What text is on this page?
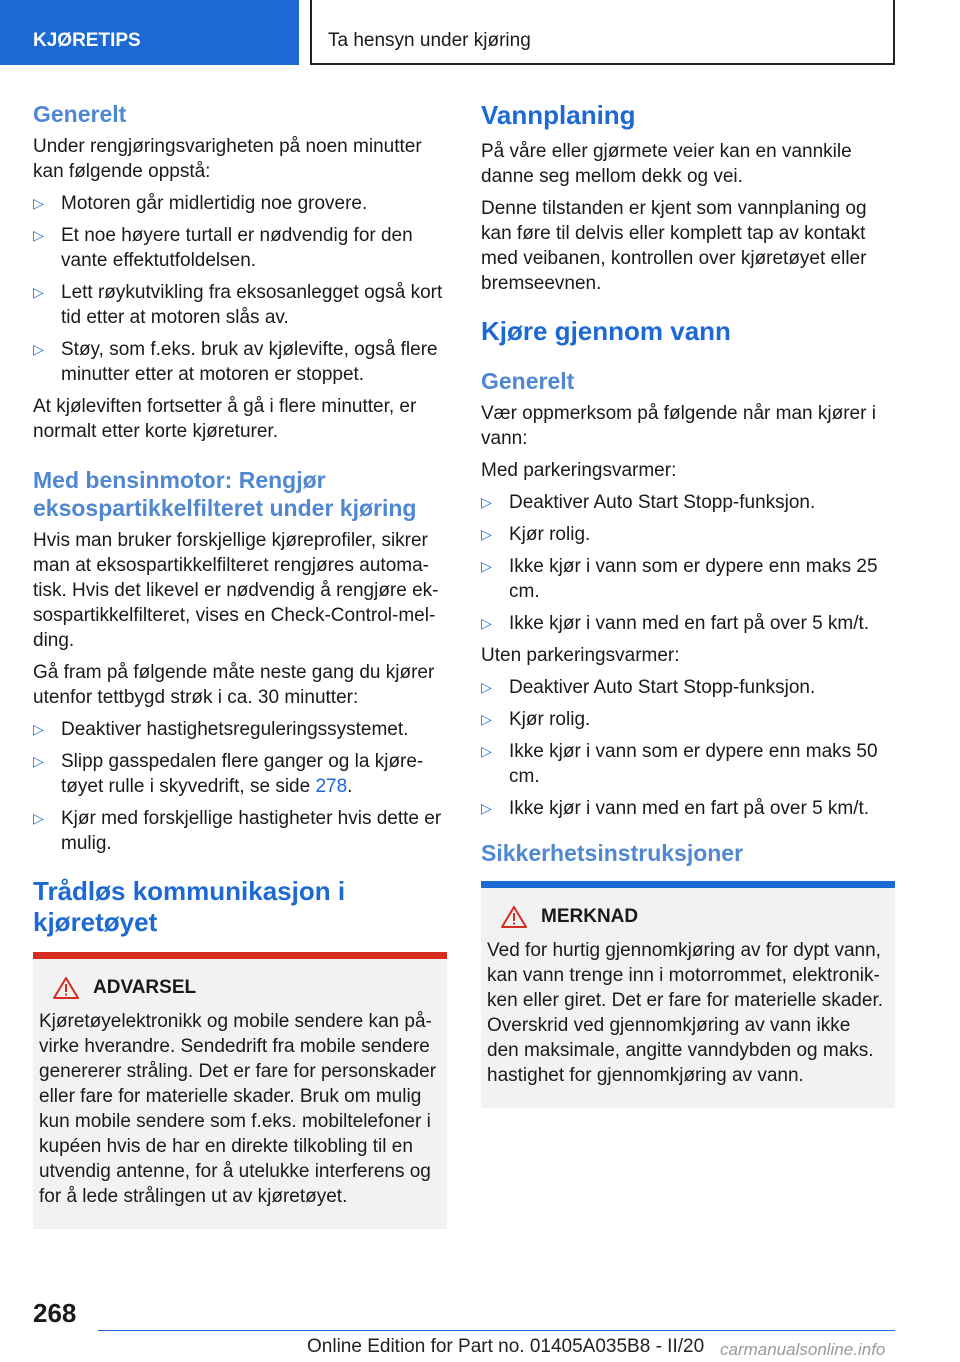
KJØRETIPS	Ta hensyn under kjøring
Generelt

Under rengjøringsvarigheten på noen minutter kan følgende oppstå:

▷ Motoren går midlertidig noe grovere.
▷ Et noe høyere turtall er nødvendig for den vante effektutfoldelsen.
▷ Lett røykutvikling fra eksosanlegget også kort tid etter at motoren slås av.
▷ Støy, som f.eks. bruk av kjølevifte, også flere minutter etter at motoren er stoppet.

At kjøleviften fortsetter å gå i flere minutter, er normalt etter korte kjøreturer.

Med bensinmotor: Rengjør eksospartikkelfilteret under kjøring

Hvis man bruker forskjellige kjøreprofiler, sikrer man at eksospartikkelfilteret rengjøres automatisk. Hvis det likevel er nødvendig å rengjøre eksospartikkelfilteret, vises en Check-Control-melding.

Gå fram på følgende måte neste gang du kjører utenfor tettbygd strøk i ca. 30 minutter:

▷ Deaktiver hastighetsreguleringssystemet.
▷ Slipp gasspedalen flere ganger og la kjøretøyet rulle i skyvedrift, se side 278.
▷ Kjør med forskjellige hastigheter hvis dette er mulig.
Trådløs kommunikasjon i kjøretøyet
ADVARSEL

Kjøretøyelektronikk og mobile sendere kan påvirke hverandre. Sendedrift fra mobile sendere genererer stråling. Det er fare for personskader eller fare for materielle skader. Bruk om mulig kun mobile sendere som f.eks. mobiltelefoner i kupéen hvis de har en direkte tilkobling til en utvendig antenne, for å utelukke interferens og for å lede strålingen ut av kjøretøyet.

Vannplaning

På våre eller gjørmete veier kan en vannkile danne seg mellom dekk og vei.

Denne tilstanden er kjent som vannplaning og kan føre til delvis eller komplett tap av kontakt med veibanen, kontrollen over kjøretøyet eller bremseevnen.

Kjøre gjennom vann
Generelt

Vær oppmerksom på følgende når man kjører i vann:

Med parkeringsvarmer:

▷ Deaktiver Auto Start Stopp-funksjon.
▷ Kjør rolig.
▷ Ikke kjør i vann som er dypere enn maks 25 cm.
▷ Ikke kjør i vann med en fart på over 5 km/t.

Uten parkeringsvarmer:

▷ Deaktiver Auto Start Stopp-funksjon.
▷ Kjør rolig.
▷ Ikke kjør i vann som er dypere enn maks 50 cm.
▷ Ikke kjør i vann med en fart på over 5 km/t.
Sikkerhetsinstruksjoner
MERKNAD

Ved for hurtig gjennomkjøring av for dypt vann, kan vann trenge inn i motorrommet, elektronikken eller giret. Det er fare for materielle skader. Overskrid ved gjennomkjøring av vann ikke den maksimale, angitte vanndybden og maks. hastighet for gjennomkjøring av vann.

268
Online Edition for Part no. 01405A035B8 - II/20 carmanualsonline.info
